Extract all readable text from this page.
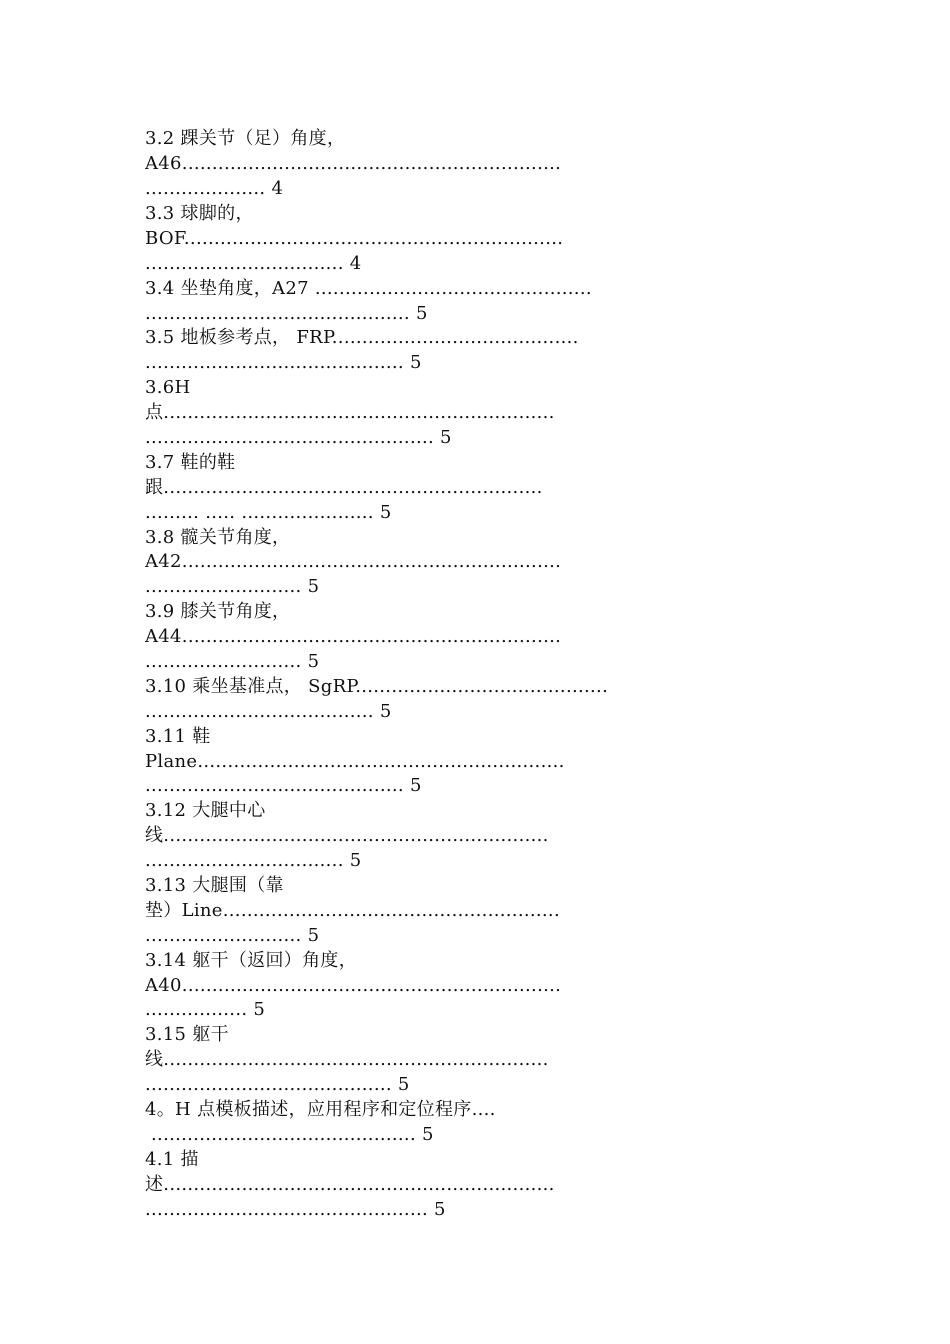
3.2 踝关节（足）角度，
A46...............................................................
.................... 4
3.3 球脚的，
BOF...............................................................
................................. 4
3.4 坐垫角度，A27 ..............................................
............................................ 5
3.5 地板参考点， FRP.........................................
........................................... 5
3.6H
点.................................................................
................................................ 5
3.7 鞋的鞋
跟...............................................................
......... ..... ...................... 5
3.8 髋关节角度，
A42...............................................................
.......................... 5
3.9 膝关节角度，
A44...............................................................
.......................... 5
3.10 乘坐基准点， SgRP..........................................
...................................... 5
3.11 鞋
Plane.............................................................
........................................... 5
3.12 大腿中心
线................................................................
................................. 5
3.13 大腿围（靠
垫）Line........................................................
.......................... 5
3.14 躯干（返回）角度，
A40...............................................................
................. 5
3.15 躯干
线................................................................
......................................... 5
4。H 点模板描述，应用程序和定位程序....
............................................ 5
4.1 描
述.................................................................
............................................... 5
